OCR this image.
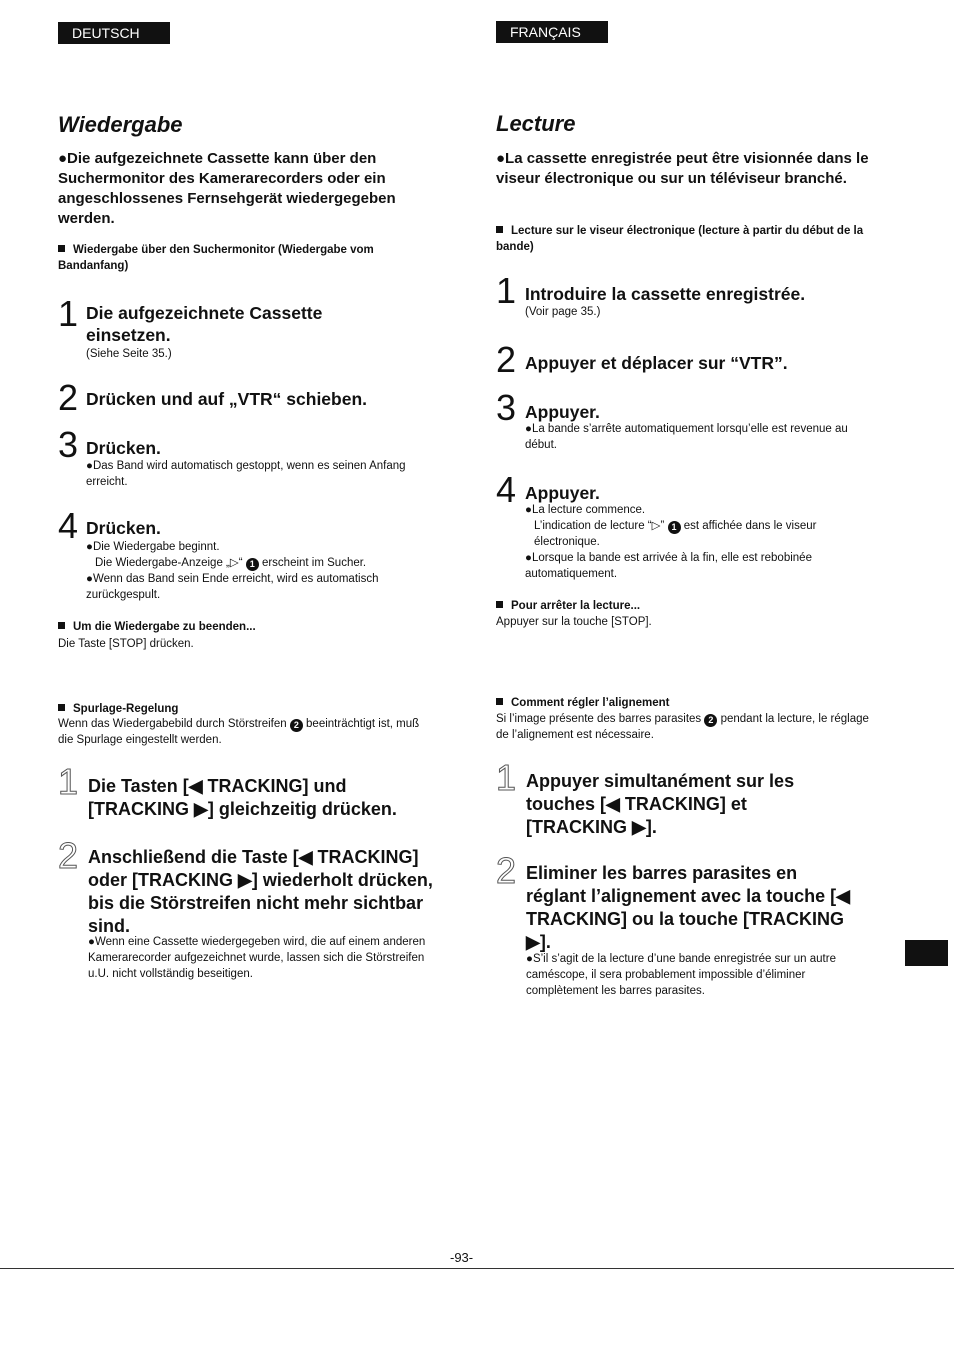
DEUTSCH	FRANÇAIS
Wiedergabe
●Die aufgezeichnete Cassette kann über den Suchermonitor des Kamerarecorders oder ein angeschlossenes Fernsehgerät wiedergegeben werden.
Wiedergabe über den Suchermonitor (Wiedergabe vom Bandanfang)
1 Die aufgezeichnete Cassette einsetzen.
(Siehe Seite 35.)
2 Drücken und auf „VTR“ schieben.
3 Drücken.
●Das Band wird automatisch gestoppt, wenn es seinen Anfang erreicht.
4 Drücken.
●Die Wiedergabe beginnt.
Die Wiedergabe-Anzeige „▷“ 1 erscheint im Sucher.
●Wenn das Band sein Ende erreicht, wird es automatisch zurückgespult.
Um die Wiedergabe zu beenden...
Die Taste [STOP] drücken.
Spurlage-Regelung
Wenn das Wiedergabebild durch Störstreifen 2 beeinträchtigt ist, muß die Spurlage eingestellt werden.
1 Die Tasten [◀ TRACKING] und [TRACKING ▶] gleichzeitig drücken.
2 Anschließend die Taste [◀ TRACKING] oder [TRACKING ▶] wiederholt drücken, bis die Störstreifen nicht mehr sichtbar sind.
●Wenn eine Cassette wiedergegeben wird, die auf einem anderen Kamerarecorder aufgezeichnet wurde, lassen sich die Störstreifen u.U. nicht vollständig beseitigen.
Lecture
●La cassette enregistrée peut être visionnée dans le viseur électronique ou sur un téléviseur branché.
Lecture sur le viseur électronique (lecture à partir du début de la bande)
1 Introduire la cassette enregistrée.
(Voir page 35.)
2 Appuyer et déplacer sur “VTR”.
3 Appuyer.
●La bande s’arrête automatiquement lorsqu’elle est revenue au début.
4 Appuyer.
●La lecture commence.
L’indication de lecture “▷” 1 est affichée dans le viseur électronique.
●Lorsque la bande est arrivée à la fin, elle est rebobinée automatiquement.
Pour arrêter la lecture...
Appuyer sur la touche [STOP].
Comment régler l’alignement
Si l’image présente des barres parasites 2 pendant la lecture, le réglage de l’alignement est nécessaire.
1 Appuyer simultanément sur les touches [◀ TRACKING] et [TRACKING ▶].
2 Eliminer les barres parasites en réglant l’alignement avec la touche [◀ TRACKING] ou la touche [TRACKING ▶].
●S’il s’agit de la lecture d’une bande enregistrée sur un autre caméscope, il sera probablement impossible d’éliminer complètement les barres parasites.
-93-
